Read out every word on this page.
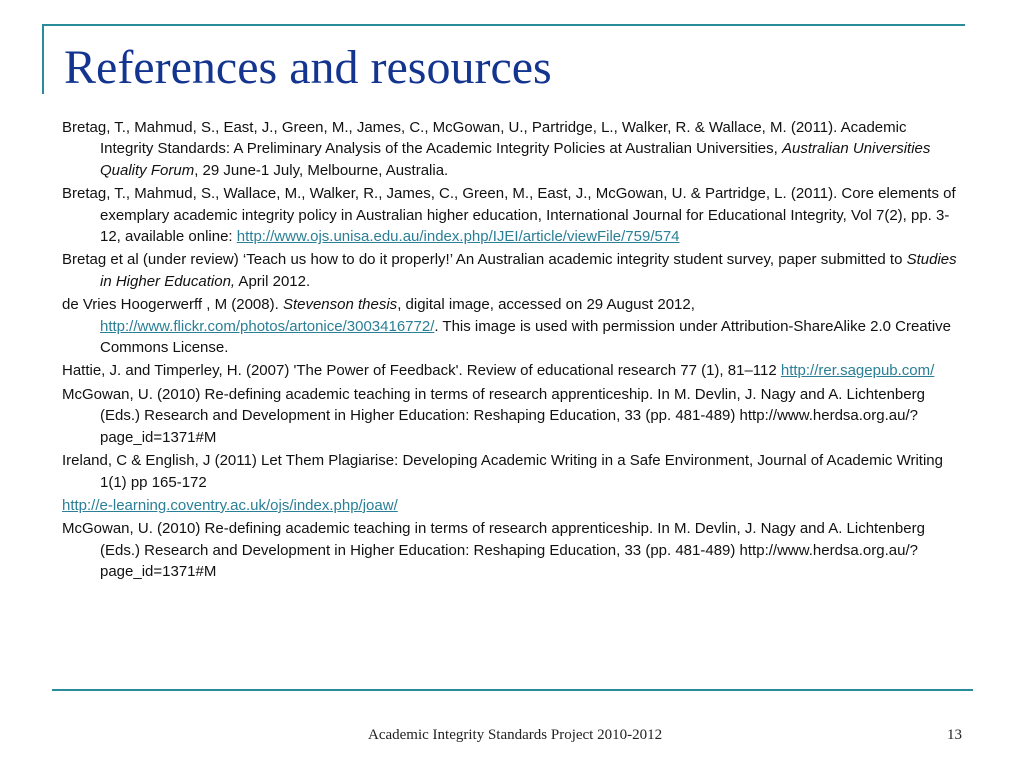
References and resources

Bretag, T., Mahmud, S., East, J., Green, M., James, C., McGowan, U., Partridge, L., Walker, R. & Wallace, M. (2011). Academic Integrity Standards: A Preliminary Analysis of the Academic Integrity Policies at Australian Universities, Australian Universities Quality Forum, 29 June-1 July, Melbourne, Australia.

Bretag, T., Mahmud, S., Wallace, M., Walker, R., James, C., Green, M., East, J., McGowan, U. & Partridge, L. (2011). Core elements of exemplary academic integrity policy in Australian higher education, International Journal for Educational Integrity, Vol 7(2), pp. 3-12, available online: http://www.ojs.unisa.edu.au/index.php/IJEI/article/viewFile/759/574

Bretag et al (under review) ‘Teach us how to do it properly!’ An Australian academic integrity student survey, paper submitted to Studies in Higher Education, April 2012.

de Vries Hoogerwerff , M (2008). Stevenson thesis, digital image, accessed on 29 August 2012, http://www.flickr.com/photos/artonice/3003416772/. This image is used with permission under Attribution-ShareAlike 2.0 Creative Commons License.

Hattie, J. and Timperley, H. (2007) 'The Power of Feedback'. Review of educational research 77 (1), 81–112 http://rer.sagepub.com/

McGowan, U. (2010) Re-defining academic teaching in terms of research apprenticeship. In M. Devlin, J. Nagy and A. Lichtenberg (Eds.) Research and Development in Higher Education: Reshaping Education, 33 (pp. 481-489) http://www.herdsa.org.au/?page_id=1371#M

Ireland, C & English, J (2011) Let Them Plagiarise: Developing Academic Writing in a Safe Environment, Journal of Academic Writing 1(1) pp 165-172

http://e-learning.coventry.ac.uk/ojs/index.php/joaw/

McGowan, U. (2010) Re-defining academic teaching in terms of research apprenticeship. In M. Devlin, J. Nagy and A. Lichtenberg (Eds.) Research and Development in Higher Education: Reshaping Education, 33 (pp. 481-489) http://www.herdsa.org.au/?page_id=1371#M

Academic Integrity Standards Project 2010-2012	13
